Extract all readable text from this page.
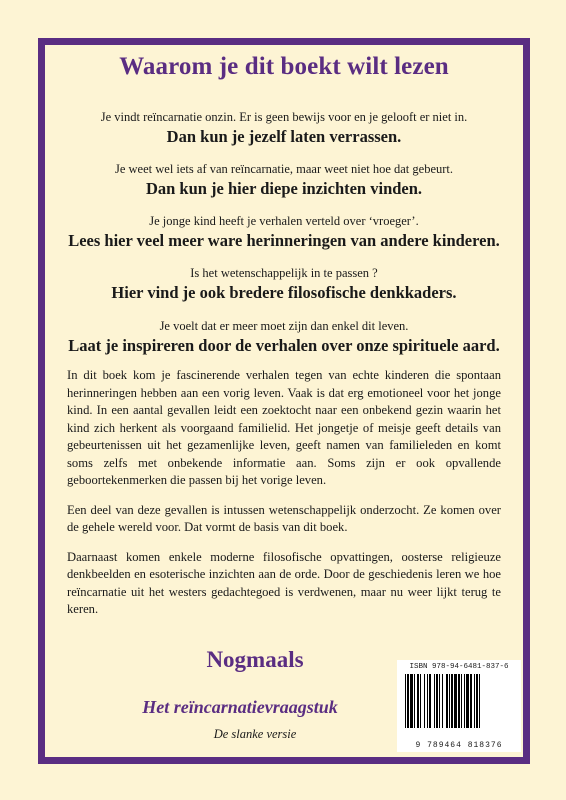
Waarom je dit boekt wilt lezen
Je vindt reïncarnatie onzin. Er is geen bewijs voor en je gelooft er niet in.
Dan kun je jezelf laten verrassen.
Je weet wel iets af van reïncarnatie, maar weet niet hoe dat gebeurt.
Dan kun je hier diepe inzichten vinden.
Je jonge kind heeft je verhalen verteld over ‘vroeger’.
Lees hier veel meer ware herinneringen van andere kinderen.
Is het wetenschappelijk in te passen ?
Hier vind je ook bredere filosofische denkkaders.
Je voelt dat er meer moet zijn dan enkel dit leven.
Laat je inspireren door de verhalen over onze spirituele aard.

In dit boek kom je fascinerende verhalen tegen van echte kinderen die spontaan herinneringen hebben aan een vorig leven. Vaak is dat erg emotioneel voor het jonge kind. In een aantal gevallen leidt een zoektocht naar een onbekend gezin waarin het kind zich herkent als voorgaand familielid. Het jongetje of meisje geeft details van gebeurtenissen uit het gezamenlijke leven, geeft namen van familieleden en komt soms zelfs met onbekende informatie aan. Soms zijn er ook opvallende geboortekenmerken die passen bij het vorige leven.

Een deel van deze gevallen is intussen wetenschappelijk onderzocht. Ze komen over de gehele wereld voor. Dat vormt de basis van dit boek.

Daarnaast komen enkele moderne filosofische opvattingen, oosterse religieuze denkbeelden en esoterische inzichten aan de orde. Door de geschiedenis leren we hoe reïncarnatie uit het westers gedachtegoed is verdwenen, maar nu weer lijkt terug te keren.

Nogmaals
Het reïncarnatievraagstuk
De slanke versie
ISBN 978-94-6481-837-6
9 789464 818376
